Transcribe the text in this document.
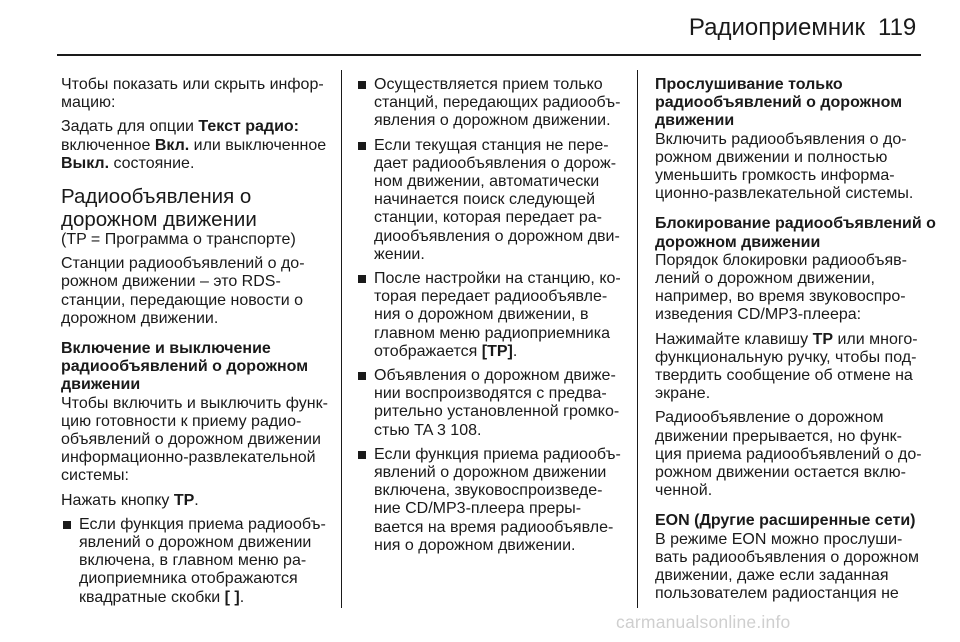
Радиоприемник 119
Чтобы показать или скрыть инфор-
мацию:
Задать для опции Текст радио:
включенное Вкл. или выключенное
Выкл. состояние.
Радиообъявления о
дорожном движении
(TP = Программа о транспорте)
Станции радиообъявлений о до-
рожном движении – это RDS-
станции, передающие новости о
дорожном движении.
Включение и выключение
радиообъявлений о дорожном
движении
Чтобы включить и выключить функ-
цию готовности к приему радио-
объявлений о дорожном движении
информационно-развлекательной
системы:
Нажать кнопку TP.
Если функция приема радиообъ-
явлений о дорожном движении
включена, в главном меню ра-
диоприемника отображаются
квадратные скобки [ ].
Осуществляется прием только
станций, передающих радиообъ-
явления о дорожном движении.
Если текущая станция не пере-
дает радиообъявления о дорож-
ном движении, автоматически
начинается поиск следующей
станции, которая передает ра-
диообъявления о дорожном дви-
жении.
После настройки на станцию, ко-
торая передает радиообъявле-
ния о дорожном движении, в
главном меню радиоприемника
отображается [TP].
Объявления о дорожном движе-
нии воспроизводятся с предва-
рительно установленной громко-
стью TA 3 108.
Если функция приема радиообъ-
явлений о дорожном движении
включена, звуковоспроизведе-
ние CD/MP3-плеера преры-
вается на время радиообъявле-
ния о дорожном движении.
Прослушивание только
радиообъявлений о дорожном
движении
Включить радиообъявления о до-
рожном движении и полностью
уменьшить громкость информа-
ционно-развлекательной системы.
Блокирование радиообъявлений о
дорожном движении
Порядок блокировки радиообъяв-
лений о дорожном движении,
например, во время звуковоспро-
изведения CD/MP3-плеера:
Нажимайте клавишу TP или много-
функциональную ручку, чтобы под-
твердить сообщение об отмене на
экране.
Радиообъявление о дорожном
движении прерывается, но функ-
ция приема радиообъявлений о до-
рожном движении остается вклю-
ченной.
EON (Другие расширенные сети)
В режиме EON можно прослуши-
вать радиообъявления о дорожном
движении, даже если заданная
пользователем радиостанция не
carmanualsonline.info
